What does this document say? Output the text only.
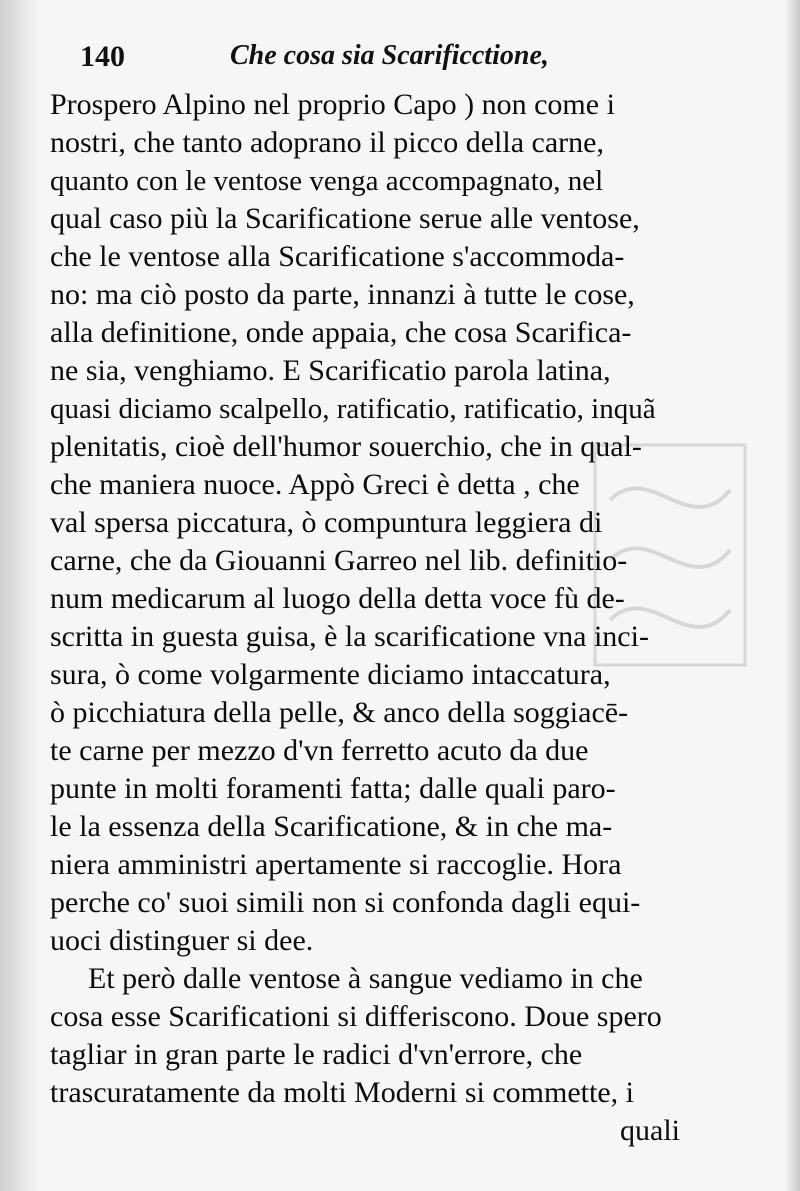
140	Che cosa sia Scarificctione,
Prospero Alpino nel proprio Capo ) non come i
nostri, che tanto adoprano il picco della carne,
quanto con le ventose venga accompagnato, nel
qual caso più la Scarificatione serue alle ventose,
che le ventose alla Scarificatione s'accommoda-
no: ma ciò posto da parte, innanzi à tutte le cose,
alla definitione, onde appaia, che cosa Scarifica-
ne sia, venghiamo. E Scarificatio parola latina,
quasi diciamo scalpello, ratificatio, ratificatio, inquã
plenitatis, cioè dell'humor souerchio, che in qual-
che maniera nuoce. Appò Greci è detta , che
val spersa piccatura, ò compuntura leggiera di
carne, che da Giouanni Garreo nel lib. definitio-
num medicarum al luogo della detta voce fù de-
scritta in guesta guisa, è la scarificatione vna inci-
sura, ò come volgarmente diciamo intaccatura,
ò picchiatura della pelle, & anco della soggiacē-
te carne per mezzo d'vn ferretto acuto da due
punte in molti foramenti fatta; dalle quali paro-
le la essenza della Scarificatione, & in che ma-
niera amministri apertamente si raccoglie. Hora
perche co' suoi simili non si confonda dagli equi-
uoci distinguer si dee.
Et però dalle ventose à sangue vediamo in che
cosa esse Scarificationi si differiscono. Doue spero
tagliar in gran parte le radici d'vn'errore, che
trascuratamente da molti Moderni si commette, i
quali
